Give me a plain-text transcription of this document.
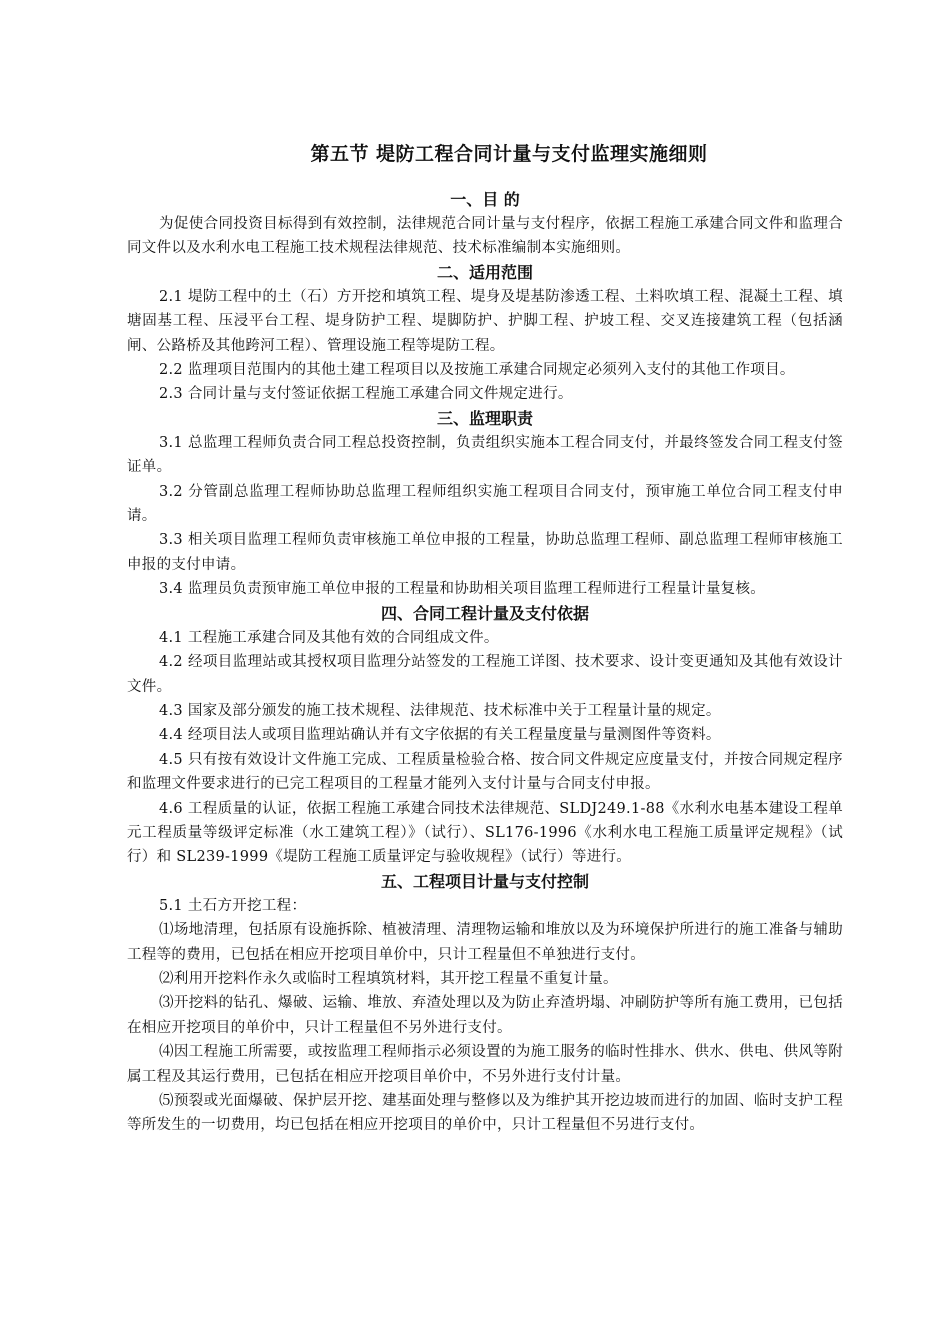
第五节 堤防工程合同计量与支付监理实施细则
一、目 的

为促使合同投资目标得到有效控制，法律规范合同计量与支付程序，依据工程施工承建合同文件和监理合同文件以及水利水电工程施工技术规程法律规范、技术标准编制本实施细则。

二、适用范围

2.1 堤防工程中的土（石）方开挖和填筑工程、堤身及堤基防渗透工程、土料吹填工程、混凝土工程、填塘固基工程、压浸平台工程、堤身防护工程、堤脚防护、护脚工程、护坡工程、交叉连接建筑工程（包括涵闸、公路桥及其他跨河工程）、管理设施工程等堤防工程。

2.2 监理项目范围内的其他土建工程项目以及按施工承建合同规定必须列入支付的其他工作项目。

2.3 合同计量与支付签证依据工程施工承建合同文件规定进行。

三、监理职责

3.1 总监理工程师负责合同工程总投资控制，负责组织实施本工程合同支付，并最终签发合同工程支付签证单。

3.2 分管副总监理工程师协助总监理工程师组织实施工程项目合同支付，预审施工单位合同工程支付申请。

3.3 相关项目监理工程师负责审核施工单位申报的工程量，协助总监理工程师、副总监理工程师审核施工申报的支付申请。

3.4 监理员负责预审施工单位申报的工程量和协助相关项目监理工程师进行工程量计量复核。

四、合同工程计量及支付依据

4.1 工程施工承建合同及其他有效的合同组成文件。

4.2 经项目监理站或其授权项目监理分站签发的工程施工详图、技术要求、设计变更通知及其他有效设计文件。

4.3 国家及部分颁发的施工技术规程、法律规范、技术标准中关于工程量计量的规定。

4.4 经项目法人或项目监理站确认并有文字依据的有关工程量度量与量测图件等资料。

4.5 只有按有效设计文件施工完成、工程质量检验合格、按合同文件规定应度量支付，并按合同规定程序和监理文件要求进行的已完工程项目的工程量才能列入支付计量与合同支付申报。

4.6 工程质量的认证，依据工程施工承建合同技术法律规范、SLDJ249.1-88《水利水电基本建设工程单元工程质量等级评定标准（水工建筑工程）》（试行）、SL176-1996《水利水电工程施工质量评定规程》（试行）和 SL239-1999《堤防工程施工质量评定与验收规程》（试行）等进行。

五、工程项目计量与支付控制

5.1 土石方开挖工程：

⑴场地清理，包括原有设施拆除、植被清理、清理物运输和堆放以及为环境保护所进行的施工准备与辅助工程等的费用，已包括在相应开挖项目单价中，只计工程量但不单独进行支付。

⑵利用开挖料作永久或临时工程填筑材料，其开挖工程量不重复计量。

⑶开挖料的钻孔、爆破、运输、堆放、弃渣处理以及为防止弃渣坍塌、冲刷防护等所有施工费用，已包括在相应开挖项目的单价中，只计工程量但不另外进行支付。

⑷因工程施工所需要，或按监理工程师指示必须设置的为施工服务的临时性排水、供水、供电、供风等附属工程及其运行费用，已包括在相应开挖项目单价中，不另外进行支付计量。

⑸预裂或光面爆破、保护层开挖、建基面处理与整修以及为维护其开挖边坡而进行的加固、临时支护工程等所发生的一切费用，均已包括在相应开挖项目的单价中，只计工程量但不另进行支付。
